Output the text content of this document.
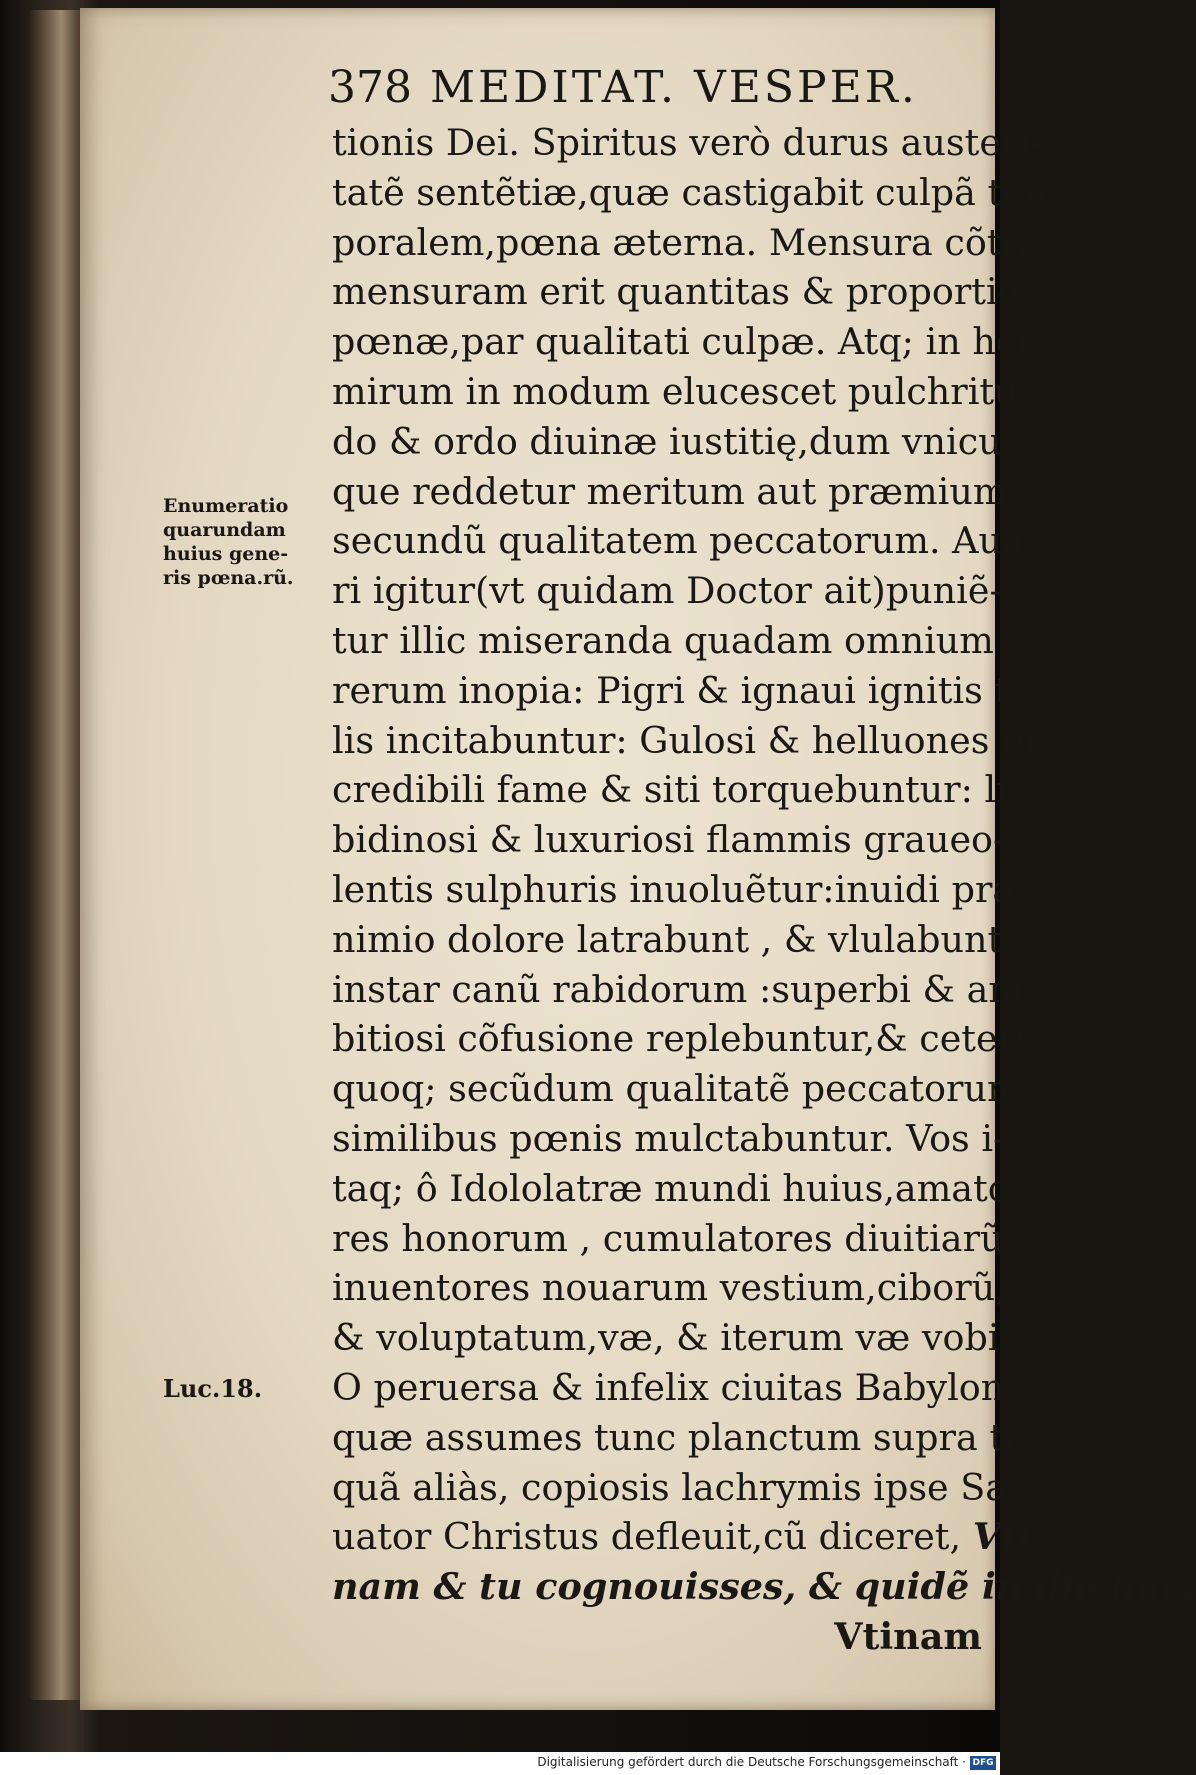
378 MEDITAT. VESPER.
Enumeratio
quarundam
huius gene-
ris pœna.rũ.
Luc.18.
tionis Dei. Spiritus verò durus austeri-
tatẽ sentẽtiæ,quæ castigabit culpã tem
poralem,pœna æterna. Mensura cõtra
mensuram erit quantitas & proportio
pœnæ,par qualitati culpæ. Atq; in hoc
mirum in modum elucescet pulchritu
do & ordo diuinæ iustitię,dum vnicui
que reddetur meritum aut præmium,
secundũ qualitatem peccatorum. Aua-
ri igitur(vt quidam Doctor ait)puniẽ-
tur illic miseranda quadam omnium
rerum inopia: Pigri & ignaui ignitis te
lis incitabuntur: Gulosi & helluones in
credibili fame & siti torquebuntur: li-
bidinosi & luxuriosi flammis graueo-
lentis sulphuris inuoluẽtur:inuidi præ
nimio dolore latrabunt , & vlulabunt
instar canũ rabidorum :superbi & am-
bitiosi cõfusione replebuntur,& ceteri
quoq; secũdum qualitatẽ peccatorum,
similibus pœnis mulctabuntur. Vos i-
taq; ô Idololatræ mundi huius,amato
res honorum , cumulatores diuitiarũ,
inuentores nouarum vestium,ciborũ,
& voluptatum,væ, & iterum væ vobis.
O peruersa & infelix ciuitas Babylon,
quæ assumes tunc planctum supra te,
quã aliàs, copiosis lachrymis ipse Sal-
uator Christus defleuit,cũ diceret, Vti-
nam & tu cognouisses, & quidẽ in die hac.
Vtinam
Digitalisierung gefördert durch die Deutsche Forschungsgemeinschaft · DFG
